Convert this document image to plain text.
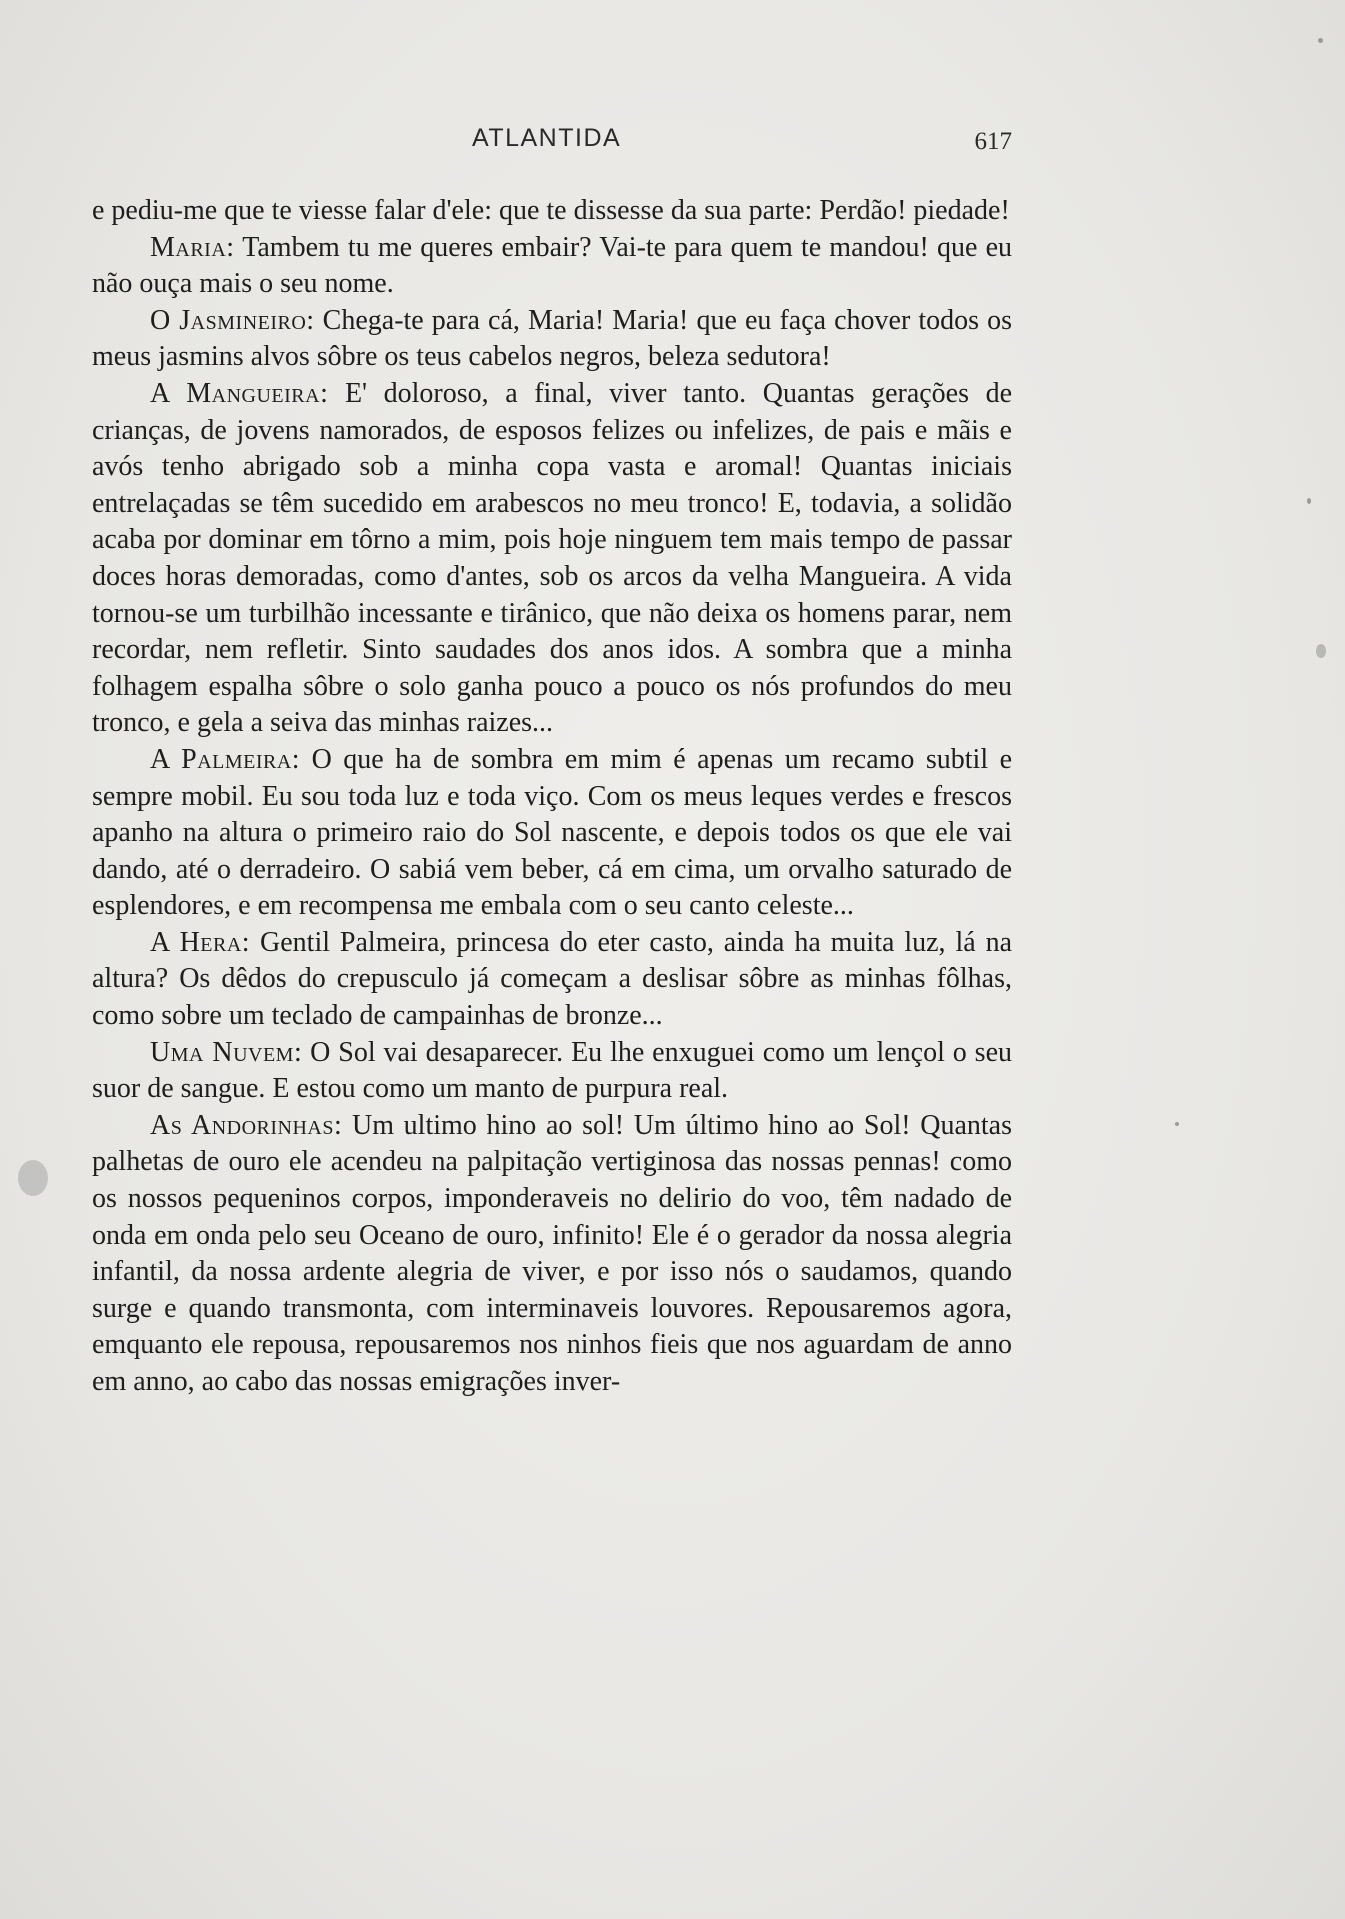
ATLANTIDA	617

e pediu-me que te viesse falar d'ele: que te dissesse da sua parte: Perdão! piedade!

Maria: Tambem tu me queres embair? Vai-te para quem te mandou! que eu não ouça mais o seu nome.

O Jasmineiro: Chega-te para cá, Maria! Maria! que eu faça chover todos os meus jasmins alvos sôbre os teus cabelos negros, beleza sedutora!

A Mangueira: E' doloroso, a final, viver tanto. Quantas gerações de crianças, de jovens namorados, de esposos felizes ou infelizes, de pais e mãis e avós tenho abrigado sob a minha copa vasta e aromal! Quantas iniciais entrelaçadas se têm sucedido em arabescos no meu tronco! E, todavia, a solidão acaba por dominar em tôrno a mim, pois hoje ninguem tem mais tempo de passar doces horas demoradas, como d'antes, sob os arcos da velha Mangueira. A vida tornou-se um turbilhão incessante e tirânico, que não deixa os homens parar, nem recordar, nem refletir. Sinto saudades dos anos idos. A sombra que a minha folhagem espalha sôbre o solo ganha pouco a pouco os nós profundos do meu tronco, e gela a seiva das minhas raizes...

A Palmeira: O que ha de sombra em mim é apenas um recamo subtil e sempre mobil. Eu sou toda luz e toda viço. Com os meus leques verdes e frescos apanho na altura o primeiro raio do Sol nascente, e depois todos os que ele vai dando, até o derradeiro. O sabiá vem beber, cá em cima, um orvalho saturado de esplendores, e em recompensa me embala com o seu canto celeste...

A Hera: Gentil Palmeira, princesa do eter casto, ainda ha muita luz, lá na altura? Os dêdos do crepusculo já começam a deslisar sôbre as minhas fôlhas, como sobre um teclado de campainhas de bronze...

Uma Nuvem: O Sol vai desaparecer. Eu lhe enxuguei como um lençol o seu suor de sangue. E estou como um manto de purpura real.

As Andorinhas: Um ultimo hino ao sol! Um último hino ao Sol! Quantas palhetas de ouro ele acendeu na palpitação vertiginosa das nossas pennas! como os nossos pequeninos corpos, imponderaveis no delirio do voo, têm nadado de onda em onda pelo seu Oceano de ouro, infinito! Ele é o gerador da nossa alegria infantil, da nossa ardente alegria de viver, e por isso nós o saudamos, quando surge e quando transmonta, com interminaveis louvores. Repousaremos agora, emquanto ele repousa, repousaremos nos ninhos fieis que nos aguardam de anno em anno, ao cabo das nossas emigrações inver-
